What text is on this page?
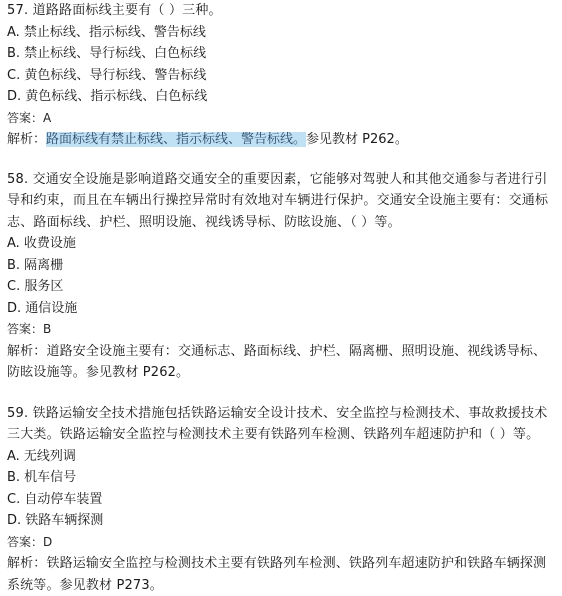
57. 道路路面标线主要有（ ）三种。
A. 禁止标线、指示标线、警告标线
B. 禁止标线、导行标线、白色标线
C. 黄色标线、导行标线、警告标线
D. 黄色标线、指示标线、白色标线
答案：A
解析：路面标线有禁止标线、指示标线、警告标线。参见教材 P262。
58. 交通安全设施是影响道路交通安全的重要因素，它能够对驾驶人和其他交通参与者进行引导和约束，而且在车辆出行操控异常时有效地对车辆进行保护。交通安全设施主要有：交通标志、路面标线、护栏、照明设施、视线诱导标、防眩设施、（ ）等。
A. 收费设施
B. 隔离栅
C. 服务区
D. 通信设施
答案：B
解析：道路安全设施主要有：交通标志、路面标线、护栏、隔离栅、照明设施、视线诱导标、防眩设施等。参见教材 P262。
59. 铁路运输安全技术措施包括铁路运输安全设计技术、安全监控与检测技术、事故救援技术三大类。铁路运输安全监控与检测技术主要有铁路列车检测、铁路列车超速防护和（ ）等。
A. 无线列调
B. 机车信号
C. 自动停车装置
D. 铁路车辆探测
答案：D
解析：铁路运输安全监控与检测技术主要有铁路列车检测、铁路列车超速防护和铁路车辆探测系统等。参见教材 P273。
